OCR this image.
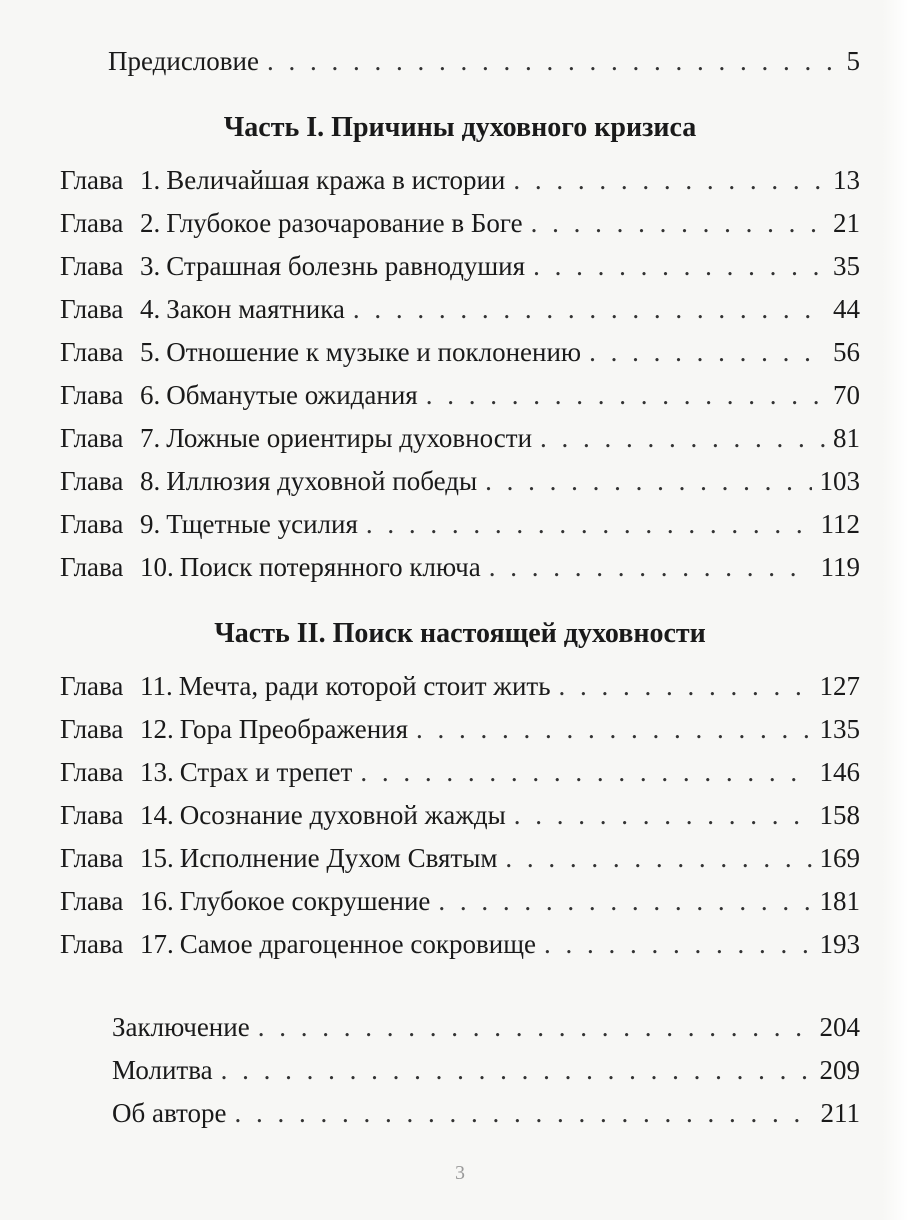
Предисловие . . .	5
Часть I. Причины духовного кризиса
Глава 1. Величайшая кража в истории . . .	13
Глава 2. Глубокое разочарование в Боге . . .	21
Глава 3. Страшная болезнь равнодушия . . .	35
Глава 4. Закон маятника . . .	44
Глава 5. Отношение к музыке и поклонению . . .	56
Глава 6. Обманутые ожидания . . .	70
Глава 7. Ложные ориентиры духовности . . .	81
Глава 8. Иллюзия духовной победы . . .	103
Глава 9. Тщетные усилия . . .	112
Глава 10. Поиск потерянного ключа . . .	119
Часть II. Поиск настоящей духовности
Глава 11. Мечта, ради которой стоит жить . . .	127
Глава 12. Гора Преображения . . .	135
Глава 13. Страх и трепет . . .	146
Глава 14. Осознание духовной жажды . . .	158
Глава 15. Исполнение Духом Святым . . .	169
Глава 16. Глубокое сокрушение . . .	181
Глава 17. Самое драгоценное сокровище . . .	193
Заключение . . .	204
Молитва . . .	209
Об авторе . . .	211
3
